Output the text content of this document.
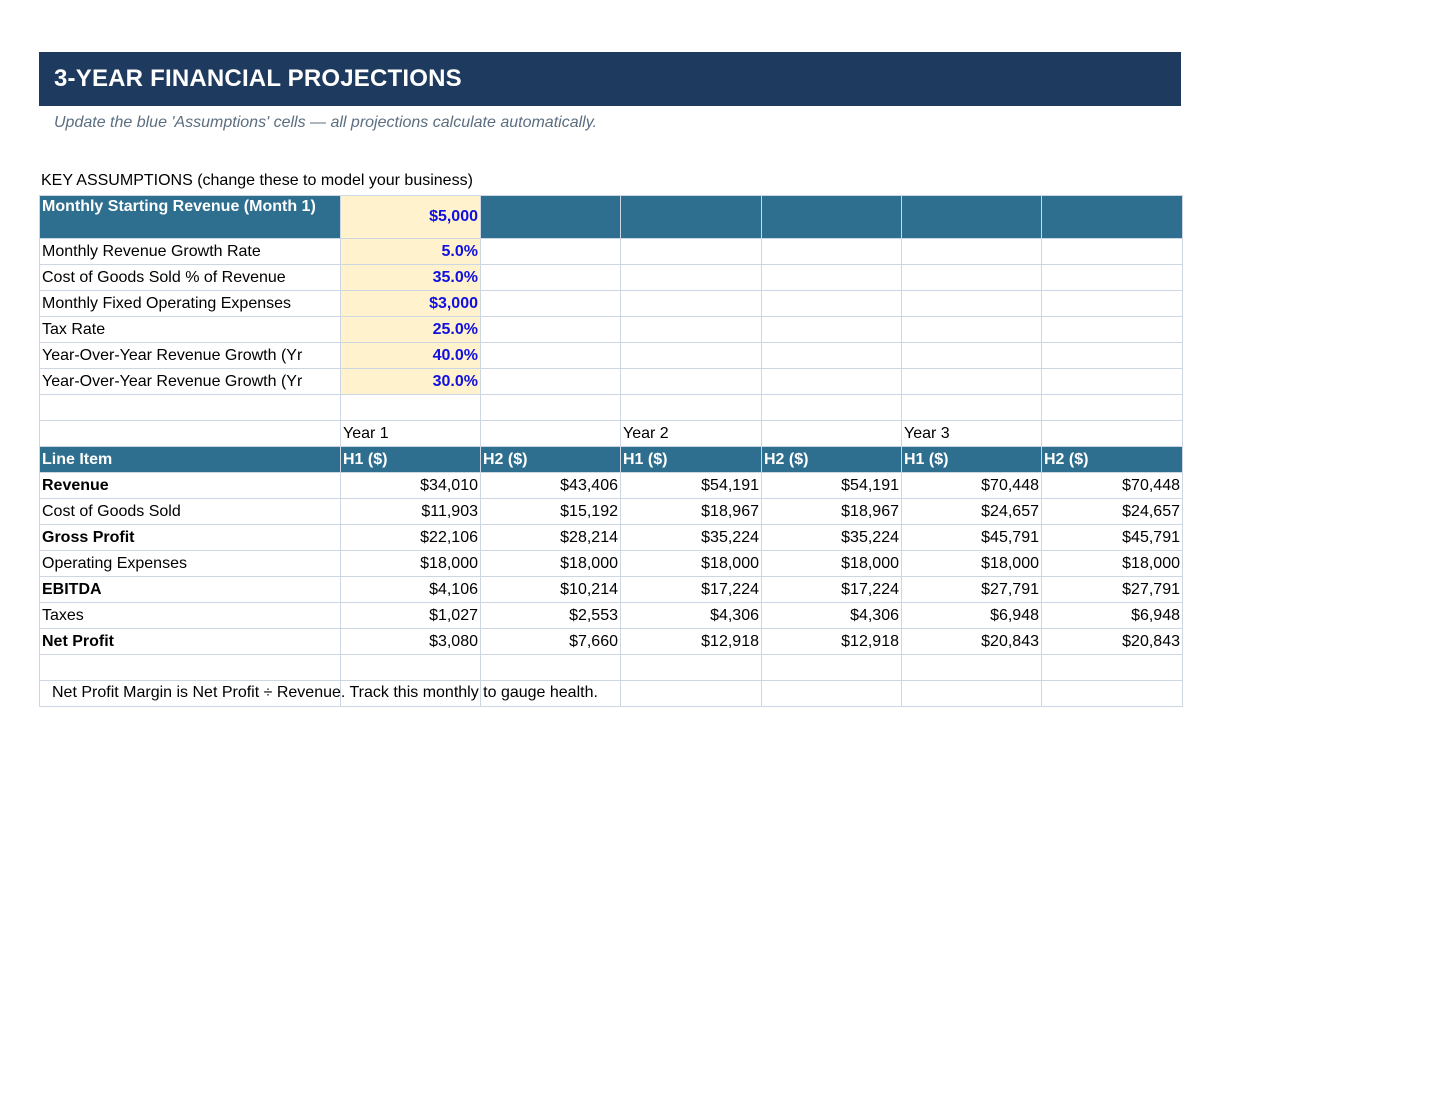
3-YEAR FINANCIAL PROJECTIONS
Update the blue 'Assumptions' cells — all projections calculate automatically.
KEY ASSUMPTIONS (change these to model your business)
Monthly Starting Revenue (Month 1)	$5,000					
Monthly Revenue Growth Rate	5.0%					
Cost of Goods Sold % of Revenue	35.0%					
Monthly Fixed Operating Expenses	$3,000					
Tax Rate	25.0%					
Year-Over-Year Revenue Growth (Yr	40.0%					
Year-Over-Year Revenue Growth (Yr	30.0%					

	Year 1		Year 2		Year 3	
Line Item	H1 ($)	H2 ($)	H1 ($)	H2 ($)	H1 ($)	H2 ($)
Revenue	$34,010	$43,406	$54,191	$54,191	$70,448	$70,448
Cost of Goods Sold	$11,903	$15,192	$18,967	$18,967	$24,657	$24,657
Gross Profit	$22,106	$28,214	$35,224	$35,224	$45,791	$45,791
Operating Expenses	$18,000	$18,000	$18,000	$18,000	$18,000	$18,000
EBITDA	$4,106	$10,214	$17,224	$17,224	$27,791	$27,791
Taxes	$1,027	$2,553	$4,306	$4,306	$6,948	$6,948
Net Profit	$3,080	$7,660	$12,918	$12,918	$20,843	$20,843

Net Profit Margin is Net Profit ÷ Revenue. Track this monthly to gauge health.						
